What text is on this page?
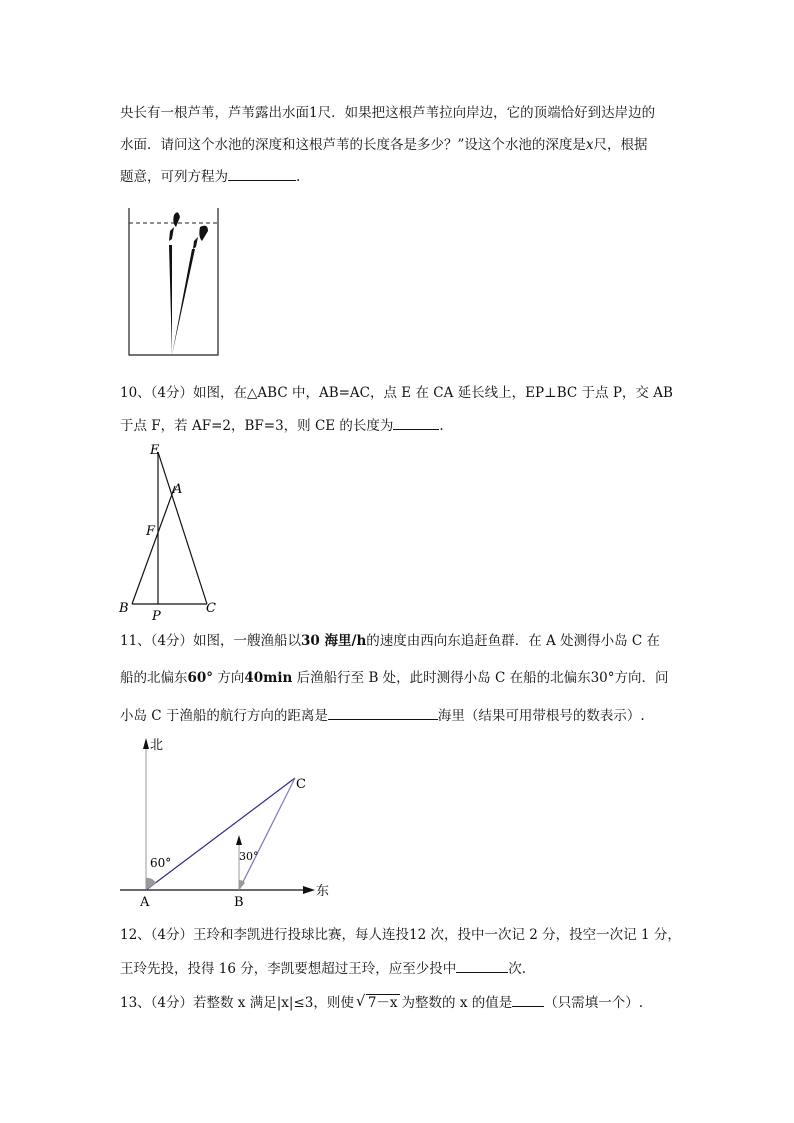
央长有一根芦苇，芦苇露出水面1尺．如果把这根芦苇拉向岸边，它的顶端恰好到达岸边的
水面．请问这个水池的深度和这根芦苇的长度各是多少？”设这个水池的深度是x尺，根据
题意，可列方程为	.
10、（4分）如图，在△ABC 中，AB=AC，点 E 在 CA 延长线上，EP⊥BC 于点 P，交 AB
于点 F，若 AF=2，BF=3，则 CE 的长度为	.
E
A
F
B
P
C
11、（4分）如图，一艘渔船以30 海里/h的速度由西向东追赶鱼群．在 A 处测得小岛 C 在
船的北偏东60° 方向40min 后渔船行至 B 处，此时测得小岛 C 在船的北偏东30°方向．问
小岛 C 于渔船的航行方向的距离是	海里（结果可用带根号的数表示）.
北
东
60°	30°
A	B
C
12、（4分）王玲和李凯进行投球比赛，每人连投12 次，投中一次记 2 分，投空一次记 1 分，
王玲先投，投得 16 分，李凯要想超过王玲，应至少投中	次.
13、（4分）若整数 x 满足|x|≤3，则使 √ 7－x 为整数的 x 的值是 （只需填一个）.
